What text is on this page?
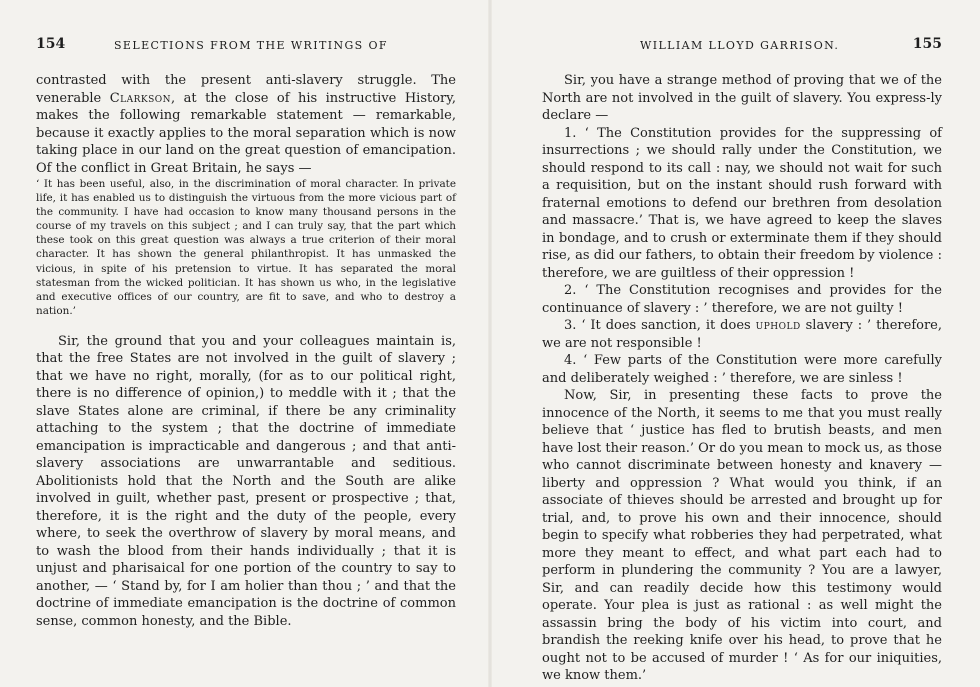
154	SELECTIONS FROM THE WRITINGS OF

contrasted with the present anti-slavery struggle. The venerable Clarkson, at the close of his instructive History, makes the following remarkable statement — remarkable, because it exactly applies to the moral separation which is now taking place in our land on the great question of emancipation. Of the conflict in Great Britain, he says —

‘ It has been useful, also, in the discrimination of moral character. In private life, it has enabled us to distinguish the virtuous from the more vicious part of the community. I have had occasion to know many thousand persons in the course of my travels on this subject ; and I can truly say, that the part which these took on this great question was always a true criterion of their moral character. It has shown the general philanthropist. It has unmasked the vicious, in spite of his pretension to virtue. It has separated the moral statesman from the wicked politician. It has shown us who, in the legislative and executive offices of our country, are fit to save, and who to destroy a nation.’

Sir, the ground that you and your colleagues maintain is, that the free States are not involved in the guilt of slavery ; that we have no right, morally, (for as to our political right, there is no difference of opinion,) to meddle with it ; that the slave States alone are criminal, if there be any criminality attaching to the system ; that the doctrine of immediate emancipation is impracticable and dangerous ; and that anti-slavery associations are unwarrantable and seditious. Abolitionists hold that the North and the South are alike involved in guilt, whether past, present or prospective ; that, therefore, it is the right and the duty of the people, every where, to seek the overthrow of slavery by moral means, and to wash the blood from their hands individually ; that it is unjust and pharisaical for one portion of the country to say to another, — ‘ Stand by, for I am holier than thou ; ’ and that the doctrine of immediate emancipation is the doctrine of common sense, common honesty, and the Bible.

WILLIAM LLOYD GARRISON.	155

Sir, you have a strange method of proving that we of the North are not involved in the guilt of slavery. You express-ly declare —

1. ‘ The Constitution provides for the suppressing of insurrections ; we should rally under the Constitution, we should respond to its call : nay, we should not wait for such a requisition, but on the instant should rush forward with fraternal emotions to defend our brethren from desolation and massacre.’ That is, we have agreed to keep the slaves in bondage, and to crush or exterminate them if they should rise, as did our fathers, to obtain their freedom by violence : therefore, we are guiltless of their oppression !

2. ‘ The Constitution recognises and provides for the continuance of slavery : ’ therefore, we are not guilty !

3. ‘ It does sanction, it does uphold slavery : ’ therefore, we are not responsible !

4. ‘ Few parts of the Constitution were more carefully and deliberately weighed : ’ therefore, we are sinless !

Now, Sir, in presenting these facts to prove the innocence of the North, it seems to me that you must really believe that ‘ justice has fled to brutish beasts, and men have lost their reason.’ Or do you mean to mock us, as those who cannot discriminate between honesty and knavery — liberty and oppression ? What would you think, if an associate of thieves should be arrested and brought up for trial, and, to prove his own and their innocence, should begin to specify what robberies they had perpetrated, what more they meant to effect, and what part each had to perform in plundering the community ? You are a lawyer, Sir, and can readily decide how this testimony would operate. Your plea is just as rational : as well might the assassin bring the body of his victim into court, and brandish the reeking knife over his head, to prove that he ought not to be accused of murder ! ‘ As for our iniquities, we know them.’
